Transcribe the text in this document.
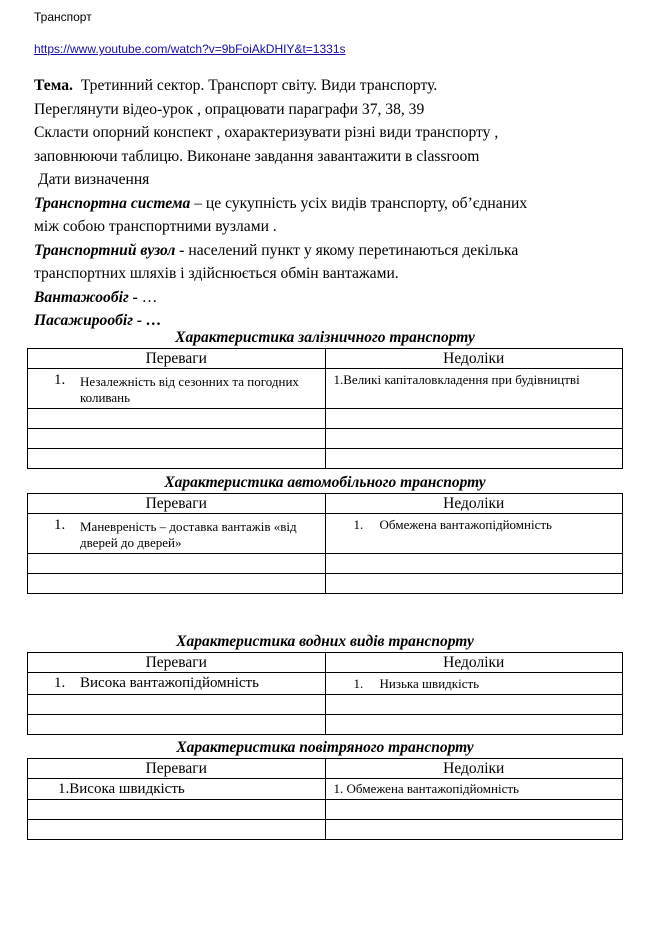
Транспорт
https://www.youtube.com/watch?v=9bFoiAkDHIY&t=1331s

Тема. Третинний сектор. Транспорт світу. Види транспорту.

Переглянути відео-урок , опрацювати параграфи 37, 38, 39

Скласти опорний конспект , охарактеризувати різні види транспорту ,

заповнюючи таблицю. Виконане завдання завантажити в classroom

Дати визначення

Транспортна система – це сукупність усіх видів транспорту, об’єднаних

між собою транспортними вузлами .

Транспортний вузол - населений пункт у якому перетинаються декілька

транспортних шляхів і здійснюється обмін вантажами.

Вантажообіг - …

Пасажирообіг - …

Характеристика залізничного транспорту
Переваги	Недоліки

1. Незалежність від сезонних та погодних коливань	1.Великі капіталовкладення при будівництві

Характеристика автомобільного транспорту
Переваги	Недоліки

1. Маневреність – доставка вантажів «від дверей до дверей»	1. Обмежена вантажопідйомність

Характеристика водних видів транспорту
Переваги	Недоліки

1. Висока вантажопідйомність	1. Низька швидкість

Характеристика повітряного транспорту
Переваги	Недоліки
1.Висока швидкість	1. Обмежена вантажопідйомність
